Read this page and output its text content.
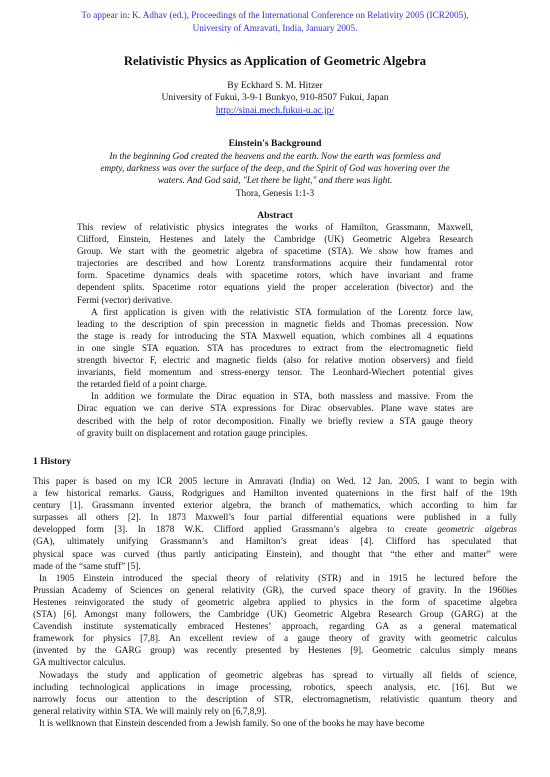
To appear in: K. Adhav (ed.), Proceedings of the International Conference on Relativity 2005 (ICR2005),
University of Amravati, India, January 2005.
Relativistic Physics as Application of Geometric Algebra
By Eckhard S. M. Hitzer
University of Fukui, 3-9-1 Bunkyo, 910-8507 Fukui, Japan
http://sinai.mech.fukui-u.ac.jp/
Einstein's Background
In the beginning God created the heavens and the earth. Now the earth was formless and
empty, darkness was over the surface of the deep, and the Spirit of God was hovering over the
waters. And God said, "Let there be light," and there was light.
Thora, Genesis 1:1-3
Abstract
This review of relativistic physics integrates the works of Hamilton, Grassmann, Maxwell,
Clifford, Einstein, Hestenes and lately the Cambridge (UK) Geometric Algebra Research
Group. We start with the geometric algebra of spacetime (STA). We show how frames and
trajectories are described and how Lorentz transformations acquire their fundamental rotor
form. Spacetime dynamics deals with spacetime rotors, which have invariant and frame
dependent splits. Spacetime rotor equations yield the proper acceleration (bivector) and the
Fermi (vector) derivative.
A first application is given with the relativistic STA formulation of the Lorentz force law,
leading to the description of spin precession in magnetic fields and Thomas precession. Now
the stage is ready for introducing the STA Maxwell equation, which combines all 4 equations
in one single STA equation. STA has procedures to extract from the electromagnetic field
strength bivector F, electric and magnetic fields (also for relative motion observers) and field
invariants, field momentum and stress-energy tensor. The Leonhard-Wiechert potential gives
the retarded field of a point charge.
In addition we formulate the Dirac equation in STA, both massless and massive. From the
Dirac equation we can derive STA expressions for Dirac observables. Plane wave states are
described with the help of rotor decomposition. Finally we briefly review a STA gauge theory
of gravity built on displacement and rotation gauge principles.
1 History
This paper is based on my ICR 2005 lecture in Amravati (India) on Wed. 12 Jan. 2005. I want to begin with
a few historical remarks. Gauss, Rodgrigues and Hamilton invented quaternions in the first half of the 19th
century [1]. Grassmann invented exterior algebra, the branch of mathematics, which according to him far
surpasses all others [2]. In 1873 Maxwell’s four partial differential equations were published in a fully
developped form [3]. In 1878 W.K. Clifford applied Grassmann’s algebra to create geometric algebras
(GA), ultimately unifying Grassmann’s and Hamilton’s great ideas [4]. Clifford has speculated that
physical space was curved (thus partly anticipating Einstein), and thought that “the ether and matter” were
made of the “same stuff” [5].
In 1905 Einstein introduced the special theory of relativity (STR) and in 1915 he lectured before the
Prussian Academy of Sciences on general relativity (GR), the curved space theory of gravity. In the 1960ies
Hestenes reinvigorated the study of geometric algebra applied to physics in the form of spacetime algebra
(STA) [6]. Amongst many followers, the Cambridge (UK) Geometric Algebra Research Group (GARG) at the
Cavendish institute systematically embraced Hestenes’ approach, regarding GA as a general matematical
framework for physics [7,8]. An excellent review of a gauge theory of gravity with geometric calculus
(invented by the GARG group) was recently presented by Hestenes [9]. Geometric calculus simply means
GA multivector calculus.
Nowadays the study and application of geometric algebras has spread to virtually all fields of science,
including technological applications in image processing, robotics, speech analysis, etc. [16]. But we
narrowly focus our attention to the description of STR, electromagnetism, relativistic quantum theory and
general relativity within STA. We will mainly rely on [6,7,8,9].
It is wellknown that Einstein descended from a Jewish family. So one of the books he may have become
